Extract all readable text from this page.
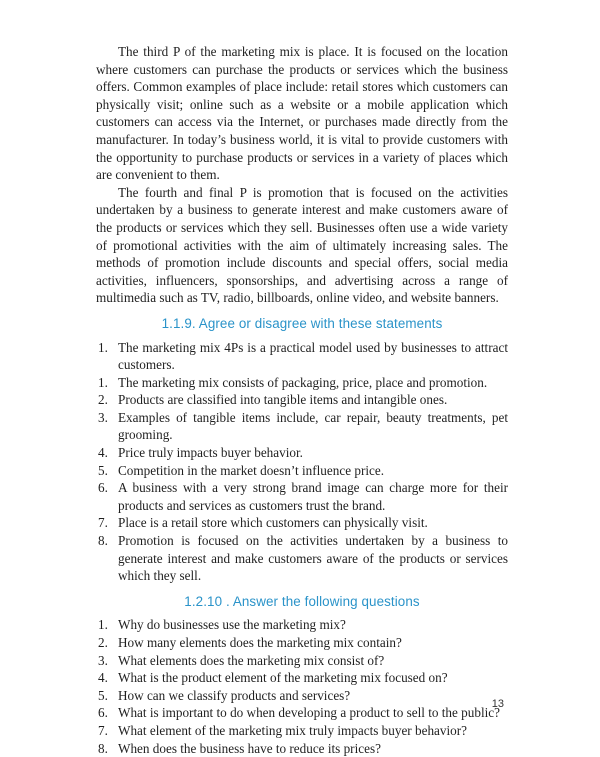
The third P of the marketing mix is place. It is focused on the location where customers can purchase the products or services which the business offers. Common examples of place include: retail stores which customers can physically visit; online such as a website or a mobile application which customers can access via the Internet, or purchases made directly from the manufacturer. In today’s business world, it is vital to provide customers with the opportunity to purchase products or services in a variety of places which are convenient to them.

The fourth and final P is promotion that is focused on the activities undertaken by a business to generate interest and make customers aware of the products or services which they sell. Businesses often use a wide variety of promotional activities with the aim of ultimately increasing sales. The methods of promotion include discounts and special offers, social media activities, influencers, sponsorships, and advertising across a range of multimedia such as TV, radio, billboards, online video, and website banners.

1.1.9. Agree or disagree with these statements
1. The marketing mix 4Ps is a practical model used by businesses to attract customers.
1. The marketing mix consists of packaging, price, place and promotion.
2. Products are classified into tangible items and intangible ones.
3. Examples of tangible items include, car repair, beauty treatments, pet grooming.
4. Price truly impacts buyer behavior.
5. Competition in the market doesn’t influence price.
6. A business with a very strong brand image can charge more for their products and services as customers trust the brand.
7. Place is a retail store which customers can physically visit.
8. Promotion is focused on the activities undertaken by a business to generate interest and make customers aware of the products or services which they sell.
1.2.10 . Answer the following questions
1. Why do businesses use the marketing mix?
2. How many elements does the marketing mix contain?
3. What elements does the marketing mix consist of?
4. What is the product element of the marketing mix focused on?
5. How can we classify products and services?
6. What is important to do when developing a product to sell to the public?
7. What element of the marketing mix truly impacts buyer behavior?
8. When does the business have to reduce its prices?
13
